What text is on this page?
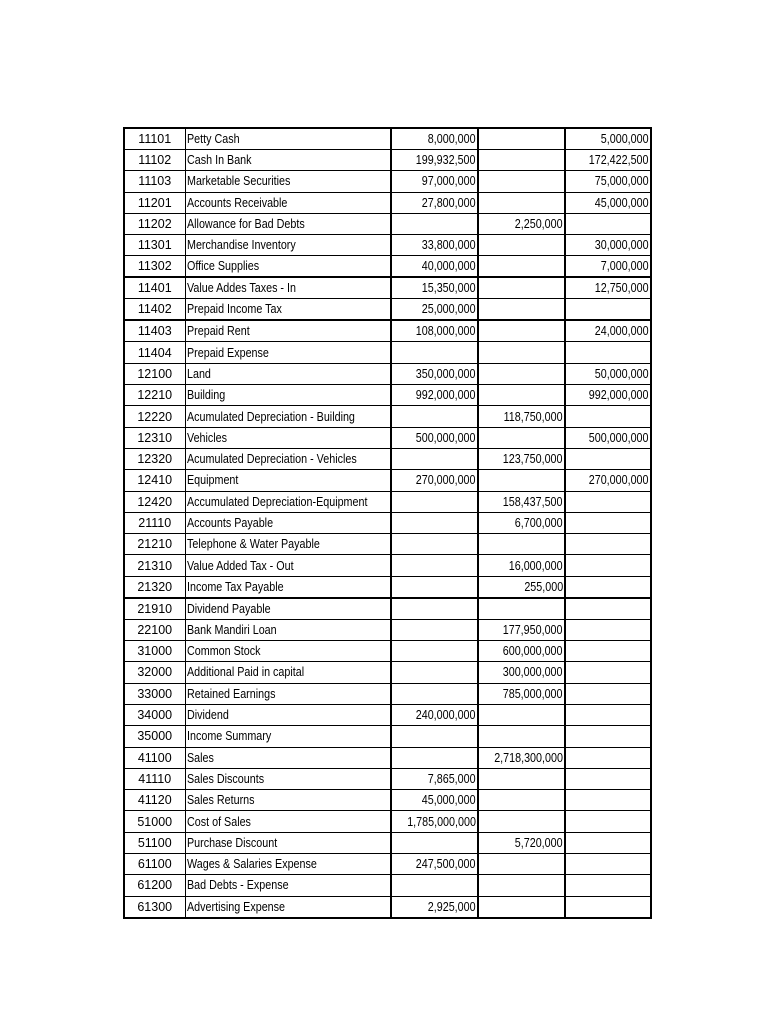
11101	Petty Cash	8,000,000		5,000,000
11102	Cash In Bank	199,932,500		172,422,500
11103	Marketable Securities	97,000,000		75,000,000
11201	Accounts Receivable	27,800,000		45,000,000
11202	Allowance for Bad Debts		2,250,000	
11301	Merchandise Inventory	33,800,000		30,000,000
11302	Office Supplies	40,000,000		7,000,000
11401	Value Addes Taxes - In	15,350,000		12,750,000
11402	Prepaid Income Tax	25,000,000		
11403	Prepaid Rent	108,000,000		24,000,000
11404	Prepaid Expense			
12100	Land	350,000,000		50,000,000
12210	Building	992,000,000		992,000,000
12220	Acumulated Depreciation - Building		118,750,000	
12310	Vehicles	500,000,000		500,000,000
12320	Acumulated Depreciation - Vehicles		123,750,000	
12410	Equipment	270,000,000		270,000,000
12420	Accumulated Depreciation-Equipment		158,437,500	
21110	Accounts Payable		6,700,000	
21210	Telephone & Water Payable			
21310	Value Added Tax - Out		16,000,000	
21320	Income Tax Payable		255,000	
21910	Dividend Payable			
22100	Bank Mandiri Loan		177,950,000	
31000	Common Stock		600,000,000	
32000	Additional Paid in capital		300,000,000	
33000	Retained Earnings		785,000,000	
34000	Dividend	240,000,000		
35000	Income Summary			
41100	Sales		2,718,300,000	
41110	Sales Discounts	7,865,000		
41120	Sales Returns	45,000,000		
51000	Cost of Sales	1,785,000,000		
51100	Purchase Discount		5,720,000	
61100	Wages & Salaries Expense	247,500,000		
61200	Bad Debts - Expense			
61300	Advertising Expense	2,925,000		
